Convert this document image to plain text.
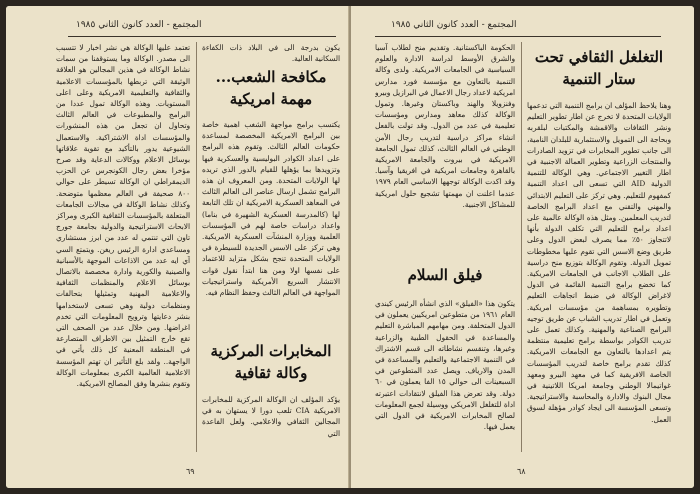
المجتمع - العدد كانون الثاني ١٩٨٥
يكون بدرجة الى في البلاد ذات الكفاءة السكانية العالية.
مكافحة الشعب... مهمة امريكية
يكتسب برامج مواجهة الشغب اهمية خاصة بين البرامج الامريكية المخصصة لمساعدة حكومات العالم الثالث. وتقوم هذه البرامج على اعداد الكوادر البوليسية والعسكرية فيها وتزويدها بما يؤهلها للقيام بالدور الذي تريده لها الولايات المتحدة. ومن المعروف ان هذه البرامج تشمل ارسال عناصر الى العالم الثالث في المعاهد العسكرية الامريكية ان تلك التابعة لها (كالمدرسة العسكرية الشهيرة في بناما) واعداد دراسات خاصة لهم في المؤسسات العلمية ووزارة المنشآت العسكرية الامريكية. وهي تركز على الاسس الجديدة للسيطرة في الولايات المتحدة تنجح بشكل متزايد للاعتماد على نفسها اولا ومن هنا ابتدأ نقول قوات الانتشار السريع الأمريكية واستراتيجيات المواجهة في العالم الثالث وحفظ النظام فيه.
المخابرات المركزية وكالة ثقافية
يؤكد المؤلف ان الوكالة المركزية للمخابرات الامريكية CIA تلعب دورا لا يستهان به في المجالين الثقافي والاعلامي. ولعل الفاعدة التي
تعتمد عليها الوكالة هي نشر اخبار لا تتسبب الى مصدر. الوكالة وما يستوقفنا من سمات نشاط الوكالة في هذين المجالين هو العلاقة الوثيقة التي تربطها بالمؤسسات الاعلامية والثقافية والتعليمية الامريكية وعلى اعلى المستويات. وهذه الوكالة تمول عددا من البرامج والمطبوعات في العالم الثالث وتحاول ان تجعل من هذه المنشورات والمؤسسات اداة الاشتراكية. والاستعمال الشيوعية يدور بالتأكيد مع تقوية علاقاتها بوسائل الاعلام ووكالات الدعاية وقد صرح مؤخرا بعض رجال الكونجرس عن الحزب الديمقراطي ان الوكالة تسيطر على حوالي ٨٠٠ صحيفة في العالم معظمها متوضحة. وكذلك نشاط الوكالة في مجالات الجامعات المتعلقة بالمؤسسات الثقافية الكبرى ومراكز الابحاث الاستراتيجية والدولية بجامعة جورج تاون التي تنتمي له عدد من ابرز مستشاري ومساعدي ادارة الرئيس ريغن. ويتمتع السي آي ايه عدد من الاذاعات الموجهة بالأسبانية والصينية والكورية وادارة مخصصة بالاتصال بوسائل الاعلام والمنظمات الثقافية والاعلامية المهنية وتمثيلها بتحالفات ومنظمات دولية وهي تسعى لاستخدامها بنشر دعايتها وترويج المعلومات التي تخدم اغراضها. ومن خلال عدد من الصحف التي تقع خارج التمثيل بين الاطراف المتصارعة في المنطقة المعنية كل ذلك يأتي في الواجهة.. ولقد بلغ التأثير ان تهتم المؤسسة الاعلامية العالمية الكبرى بمعلومات الوكالة وتقوم بنشرها وفق المصالح الامريكية.
٦٩
المجتمع - العدد كانون الثاني ١٩٨٥
التغلغل الثقافي تحت ستار التنمية
وهنا يلاحظ المؤلف ان برامج التنمية التي تدعمها الولايات المتحدة لا تخرج عن اطار تطوير التعليم ونشر الثقافات والاقمشة والمكتبات لبلقربه وبحاجة الى التمويل والاستثمارية للبلدان النامية، الى جانب تطوير المخابرات في تزويد الصادرات والمنتجات الزراعية وتطوير العمالة الاجنبية في اطار التغيير الاجتماعي. وهي الوكالة للتنمية الدولية AID التي تسعى الى اعداد التنمية كمفهوم للتعليم. وهي تركز على التعليم الابتدائي والمهني والتقني مع اعداد البرامج الخاصة لتدريب المعلمين. ومثل هذه الوكالة عالمية على اعداد برامج للتعليم التي تكلف الدولة بأنها لاتتجاوز ٥٠٪ مما يصرف لبعض الدول وعلى طريق وضع الاسس التي تقوم عليها مخطوطات تمويل الدولة. وتقوم الوكالة بتوزيع منح دراسية على الطلاب الاجانب في الجامعات الامريكية. كما تخضع برامج التنمية القائمة في الدول لاغراض الوكالة في ضبط اتجاهات التعليم وتطويره بمساهمة من مؤسسات امريكية. وتعمل في اطار تدريب الشباب عن طريق توجيه البرامج الصناعية والمهنية. وكذلك تعمل على تدريب الكوادر بواسطة برامج تعليمية منتظمة يتم اعدادها بالتعاون مع الجامعات الامريكية. كذلك تقدم برامج خاصة لتدريب المؤسسات الخاصة الافريقية كما في معهد البيرو ومعهد غواتيمالا الوطني وجامعة امريكا اللاتينية في مجال البنوك والادارة والمحاسبة والاستراتيجية. وتسعى المؤسسة الى ايجاد كوادر مؤهلة لسوق العمل.
الحكومة الباكستانية. وتقديم منح لطلاب آسيا والشرق الأوسط لدراسة الادارة والعلوم السياسية في الجامعات الامريكية. ولدى وكالة التنمية بالتعاون مع مؤسسة فورد مدارس امريكية لاعداد رجال الاعمال في البرازيل وبيرو وفنزويلا والهند وباكستان وغيرها. وتمول الوكالة كذلك معاهد ومدارس ومؤسسات تعليمية في عدد من الدول. وقد تولت بالفعل انشاء مراكز دراسية لتدريب رجال الأمن الوطني في العالم الثالث، كذلك تمول الجامعة الامريكية في بيروت والجامعة الامريكية بالقاهرة وجامعات امريكية في افريقيا وآسيا. وقد اكدت الوكالة توجهها الاساسي العام ١٩٧٩ عندما اعلنت ان مهمتها تشجيع حلول امريكية للمشاكل الاجنبية.
فيلق السلام
يتكون هذا «الفيلق» الذي انشأه الرئيس كيندي العام ١٩٦١ من متطوعين امريكيين يعملون في الدول المتخلفة. ومن مهامهم المباشرة التعليم والمساعدة في الحقول الطبية والزراعية وغيرها، وتنقسم نشاطاته الى قسم الاشتراك في التنمية الاجتماعية والتعليم والمساعدة في المدن والارياف. ويصل عدد المتطوعين في السبعينات الى حوالي ١٥ الفا يعملون في ٦٠ دولة. وقد تعرض هذا الفيلق لانتقادات اعتبرته اداة للتغلغل الامريكي ووسيلة لجمع المعلومات لصالح المخابرات الامريكية في الدول التي يعمل فيها.
٦٨
